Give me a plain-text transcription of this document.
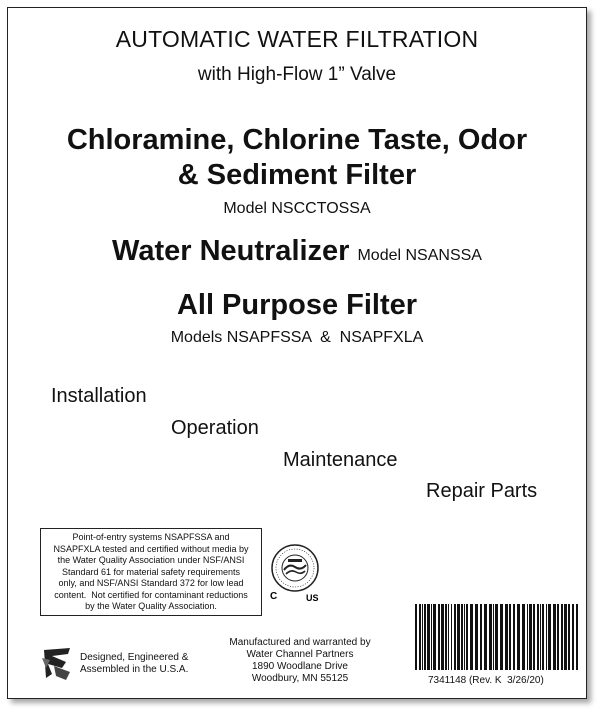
AUTOMATIC WATER FILTRATION
with High-Flow 1” Valve
Chloramine, Chlorine Taste, Odor
& Sediment Filter
Model NSCCTOSSA
Water Neutralizer Model NSANSSA
All Purpose Filter
Models NSAPFSSA  &  NSAPFXLA
Installation
Operation
Maintenance
Repair Parts
Point-of-entry systems NSAPFSSA and
NSAPFXLA tested and certified without media by
the Water Quality Association under NSF/ANSI
Standard 61 for material safety requirements
only, and NSF/ANSI Standard 372 for low lead
content.  Not certified for contaminant reductions
by the Water Quality Association.
C	US
7341148 (Rev. K  3/26/20)
Designed, Engineered &
Assembled in the U.S.A.
Manufactured and warranted by
Water Channel Partners
1890 Woodlane Drive
Woodbury, MN 55125
